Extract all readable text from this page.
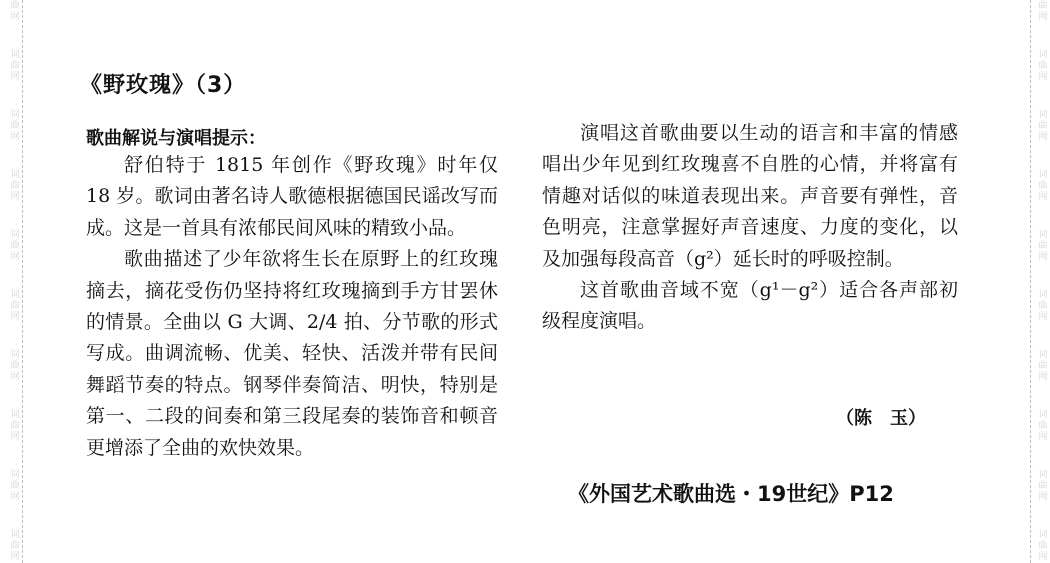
曲
网
词
曲
网
词
曲
网
词
曲
网
词
曲
网
词
曲
网
词
曲
网
词
曲
网
词
曲
网
词
曲
网

曲
网
词
曲
网
词
曲
网
词
曲
网
词
曲
网
词
曲
网
词
曲
网
词
曲
网
词
曲
网
词
曲
网
《野玫瑰》（3）
歌曲解说与演唱提示：

舒伯特于 1815 年创作《野玫瑰》时年仅 18 岁。歌词由著名诗人歌德根据德国民谣改写而成。这是一首具有浓郁民间风味的精致小品。

歌曲描述了少年欲将生长在原野上的红玫瑰摘去，摘花受伤仍坚持将红玫瑰摘到手方甘罢休的情景。全曲以 G 大调、2/4 拍、分节歌的形式写成。曲调流畅、优美、轻快、活泼并带有民间舞蹈节奏的特点。钢琴伴奏简洁、明快，特别是第一、二段的间奏和第三段尾奏的装饰音和顿音更增添了全曲的欢快效果。

演唱这首歌曲要以生动的语言和丰富的情感唱出少年见到红玫瑰喜不自胜的心情，并将富有情趣对话似的味道表现出来。声音要有弹性，音色明亮，注意掌握好声音速度、力度的变化，以及加强每段高音（g²）延长时的呼吸控制。

这首歌曲音域不宽（g¹－g²）适合各声部初级程度演唱。

（陈　玉）
《外国艺术歌曲选・19世纪》P12
